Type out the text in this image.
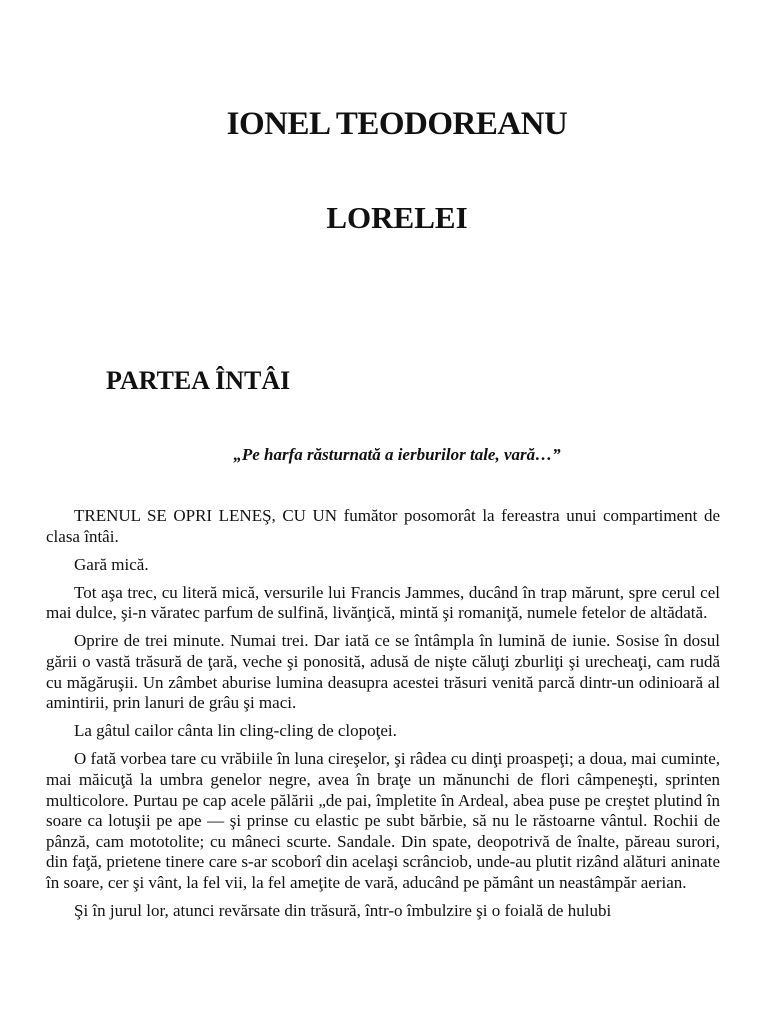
IONEL TEODOREANU
LORELEI
PARTEA ÎNTÂI

„Pe harfa răsturnată a ierburilor tale, vară…”

TRENUL SE OPRI LENEŞ, CU UN fumător posomorât la fereastra unui compartiment de clasa întâi.

Gară mică.

Tot aşa trec, cu literă mică, versurile lui Francis Jammes, ducând în trap mărunt, spre cerul cel mai dulce, şi-n văratec parfum de sulfină, livănţică, mintă şi romaniţă, numele fetelor de altădată.

Oprire de trei minute. Numai trei. Dar iată ce se întâmpla în lumină de iunie. Sosise în dosul gării o vastă trăsură de ţară, veche şi ponosită, adusă de nişte căluţi zburliţi şi urecheaţi, cam rudă cu măgăruşii. Un zâmbet aburise lumina deasupra acestei trăsuri venită parcă dintr-un odinioară al amintirii, prin lanuri de grâu şi maci.

La gâtul cailor cânta lin cling-cling de clopoţei.

O fată vorbea tare cu vrăbiile în luna cireşelor, şi râdea cu dinţi proaspeţi; a doua, mai cuminte, mai măicuţă la umbra genelor negre, avea în braţe un mănunchi de flori câmpeneşti, sprinten multicolore. Purtau pe cap acele pălării „de pai, împletite în Ardeal, abea puse pe creştet plutind în soare ca lotuşii pe ape — şi prinse cu elastic pe subt bărbie, să nu le răstoarne vântul. Rochii de pânză, cam mototolite; cu mâneci scurte. Sandale. Din spate, deopotrivă de înalte, păreau surori, din faţă, prietene tinere care s-ar scoborî din acelaşi scrânciob, unde-au plutit rizând alături aninate în soare, cer şi vânt, la fel vii, la fel ameţite de vară, aducând pe pământ un neastâmpăr aerian.

Şi în jurul lor, atunci revărsate din trăsură, într-o îmbulzire şi o foială de hulubi
